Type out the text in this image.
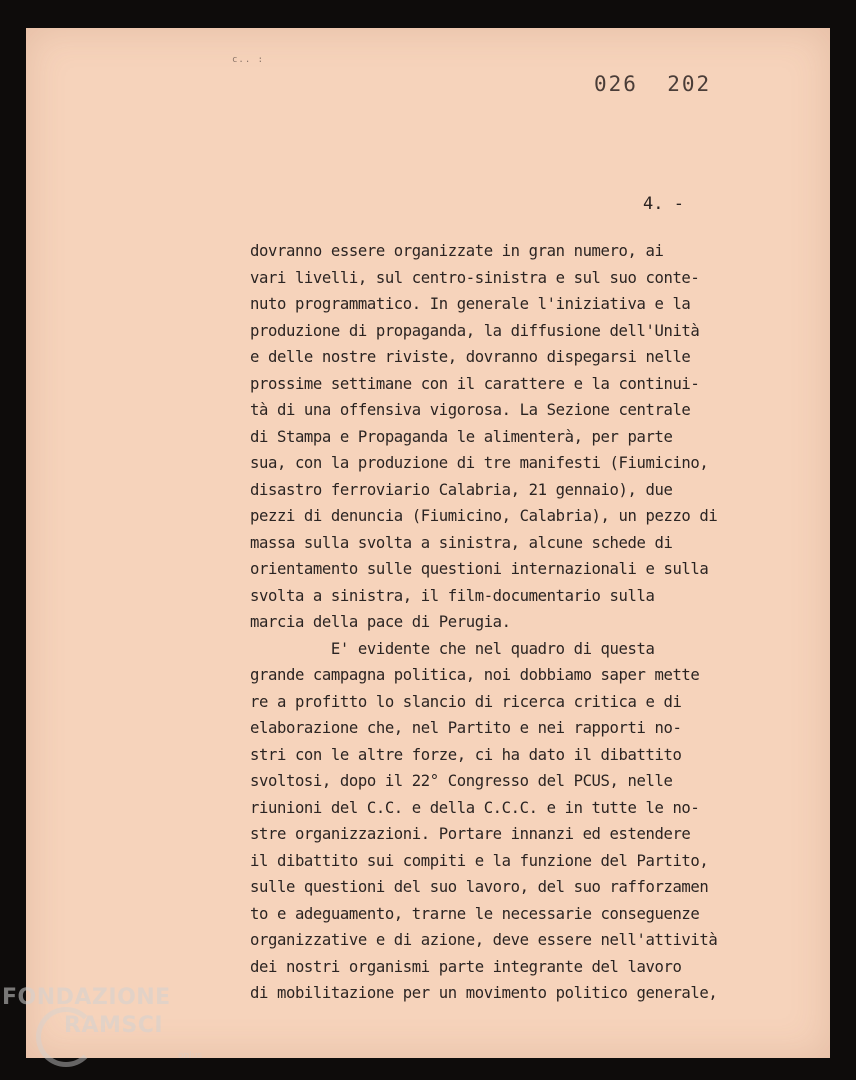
c.. :
026  202
4. -
dovranno essere organizzate in gran numero, ai
vari livelli, sul centro-sinistra e sul suo conte-
nuto programmatico. In generale l'iniziativa e la
produzione di propaganda, la diffusione dell'Unità
e delle nostre riviste, dovranno dispegarsi nelle
prossime settimane con il carattere e la continui-
tà di una offensiva vigorosa. La Sezione centrale
di Stampa e Propaganda le alimenterà, per parte
sua, con la produzione di tre manifesti (Fiumicino,
disastro ferroviario Calabria, 21 gennaio), due
pezzi di denuncia (Fiumicino, Calabria), un pezzo di
massa sulla svolta a sinistra, alcune schede di
orientamento sulle questioni internazionali e sulla
svolta a sinistra, il film-documentario sulla
marcia della pace di Perugia.
E' evidente che nel quadro di questa
grande campagna politica, noi dobbiamo saper mette
re a profitto lo slancio di ricerca critica e di
elaborazione che, nel Partito e nei rapporti no-
stri con le altre forze, ci ha dato il dibattito
svoltosi, dopo il 22° Congresso del PCUS, nelle
riunioni del C.C. e della C.C.C. e in tutte le no-
stre organizzazioni. Portare innanzi ed estendere
il dibattito sui compiti e la funzione del Partito,
sulle questioni del suo lavoro, del suo rafforzamen
to e adeguamento, trarne le necessarie conseguenze
organizzative e di azione, deve essere nell'attività
dei nostri organismi parte integrante del lavoro
di mobilitazione per un movimento politico generale,
FONDAZIONE
RAMSCI
onlus
